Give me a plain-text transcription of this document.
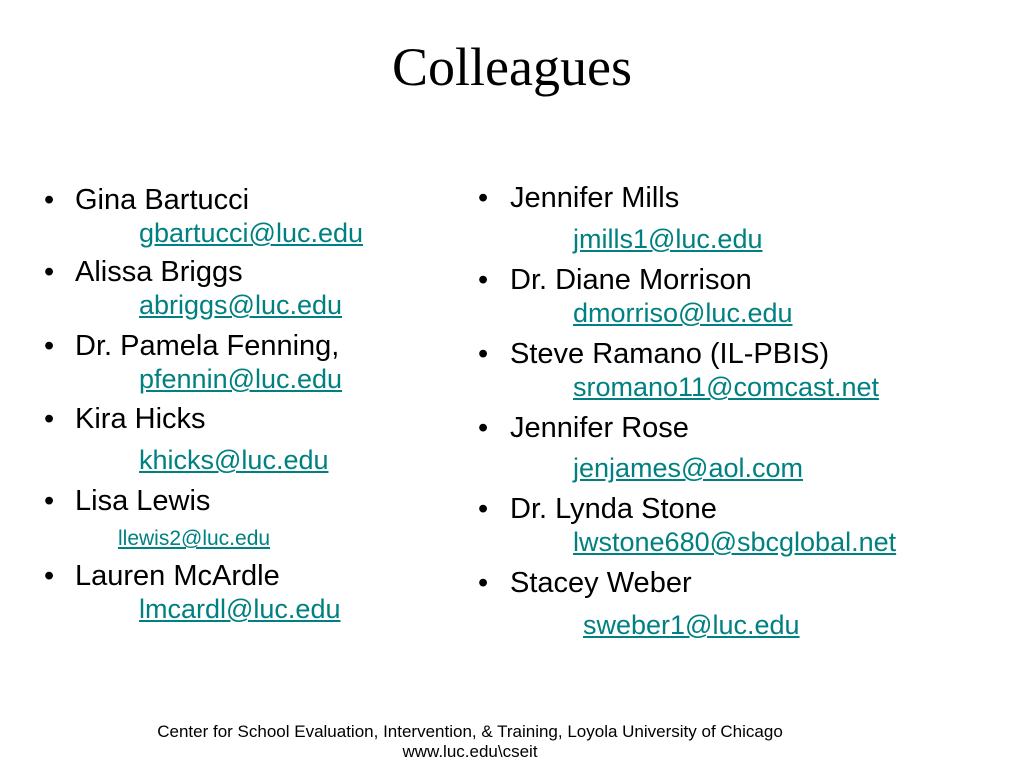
Colleagues
• Gina Bartucci
gbartucci@luc.edu
• Alissa Briggs
abriggs@luc.edu
• Dr. Pamela Fenning,
pfennin@luc.edu
• Kira Hicks
khicks@luc.edu
• Lisa Lewis
llewis2@luc.edu
• Lauren McArdle
lmcardl@luc.edu
• Jennifer Mills
jmills1@luc.edu
• Dr. Diane Morrison
dmorriso@luc.edu
• Steve Ramano (IL-PBIS)
sromano11@comcast.net
• Jennifer Rose
jenjames@aol.com
• Dr. Lynda Stone
lwstone680@sbcglobal.net
• Stacey Weber
sweber1@luc.edu
Center for School Evaluation, Intervention, & Training, Loyola University of Chicago
www.luc.edu\cseit
